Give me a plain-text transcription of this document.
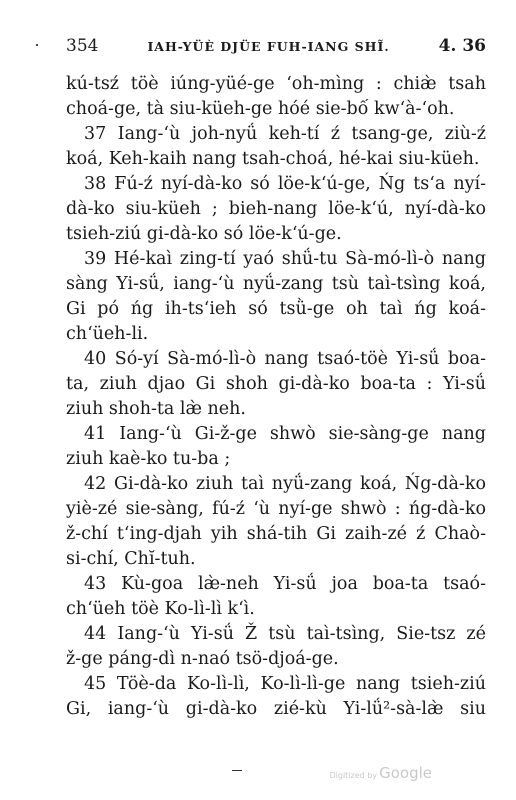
354	IAH-YÜÈ DJÜE FUH-IANG SHĨ.	4. 36
kú-tsź töè iúng-yüé-ge ‘oh-mìng : chiæ̀ tsah
choá-ge, tà siu-küeh-ge hóé sie-bố kw‘à-‘oh.
37 Iang-‘ù joh-nyǘ keh-tí ź tsang-ge, ziù-ź
koá, Keh-kaih nang tsah-choá, hé-kai siu-küeh.
38 Fú-ź nyí-dà-ko só löe-k‘ú-ge, Ńg ts‘a nyí-
dà-ko siu-küeh ; bieh-nang löe-k‘ú, nyí-dà-ko
tsieh-ziú gi-dà-ko só löe-k‘ú-ge.
39 Hé-kaì zing-tí yaó shǘ-tu Sà-mó-lì-ò nang
sàng Yi-sǘ, iang-‘ù nyǘ-zang tsù taì-tsìng koá,
Gi pó ńg ih-ts‘ieh só tsǜ-ge oh taì ńg koá-
ch‘üeh-li.
40 Só-yí Sà-mó-lì-ò nang tsaó-töè Yi-sǘ boa-
ta, ziuh djao Gi shoh gi-dà-ko boa-ta : Yi-sǘ
ziuh shoh-ta læ̀ neh.
41 Iang-‘ù Gi-ž-ge shwò sie-sàng-ge nang
ziuh kaè-ko tu-ba ;
42 Gi-dà-ko ziuh taì nyǘ-zang koá, Ńg-dà-ko
yiè-zé sie-sàng, fú-ź ‘ù nyí-ge shwò : ńg-dà-ko
ž-chí t‘ing-djah yih shá-tih Gi zaih-zé ź Chaò-
si-chí, Chĭ-tuh.
43 Kù-goa læ̀-neh Yi-sǘ joa boa-ta tsaó-
ch‘üeh töè Ko-lì-lì k‘ì.
44 Iang-‘ù Yi-sǘ Ž tsù taì-tsìng, Sie-tsz zé
ž-ge páng-dì n-naó tsö-djoá-ge.
45 Töè-da Ko-lì-lì, Ko-lì-lì-ge nang tsieh-ziú
Gi, iang-‘ù gi-dà-ko zié-kù Yi-lǘ²-sà-læ̀ siu
Digitized by Google
